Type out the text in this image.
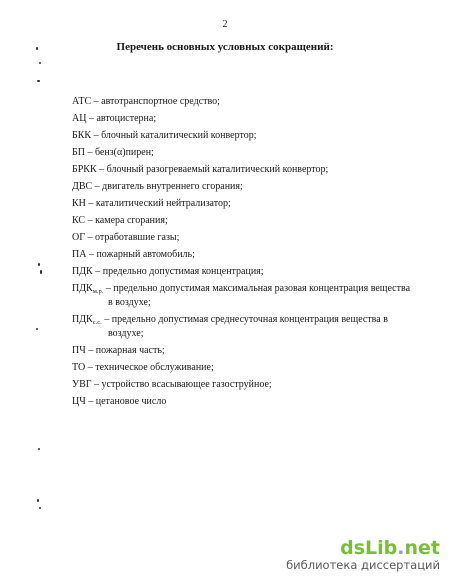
2
Перечень основных условных сокращений:
АТС – автотранспортное средство;
АЦ – автоцистерна;
БКК – блочный каталитический конвертор;
БП – бенз(α)пирен;
БРКК – блочный разогреваемый каталитический конвертор;
ДВС – двигатель внутреннего сгорания;
КН – каталитический нейтрализатор;
КС – камера сгорания;
ОГ – отработавшие газы;
ПА – пожарный автомобиль;
ПДК – предельно допустимая концентрация;
$ПДК_{м.р.}$ – предельно допустимая максимальная разовая концентрация вещества
в воздухе;
$ПДК_{с.с.}$ – предельно допустимая среднесуточная концентрация вещества в
воздухе;
ПЧ – пожарная часть;
ТО – техническое обслуживание;
УВГ – устройство всасывающее газоструйное;
ЦЧ – цетановое число
dsLib.net
библиотека диссертаций
